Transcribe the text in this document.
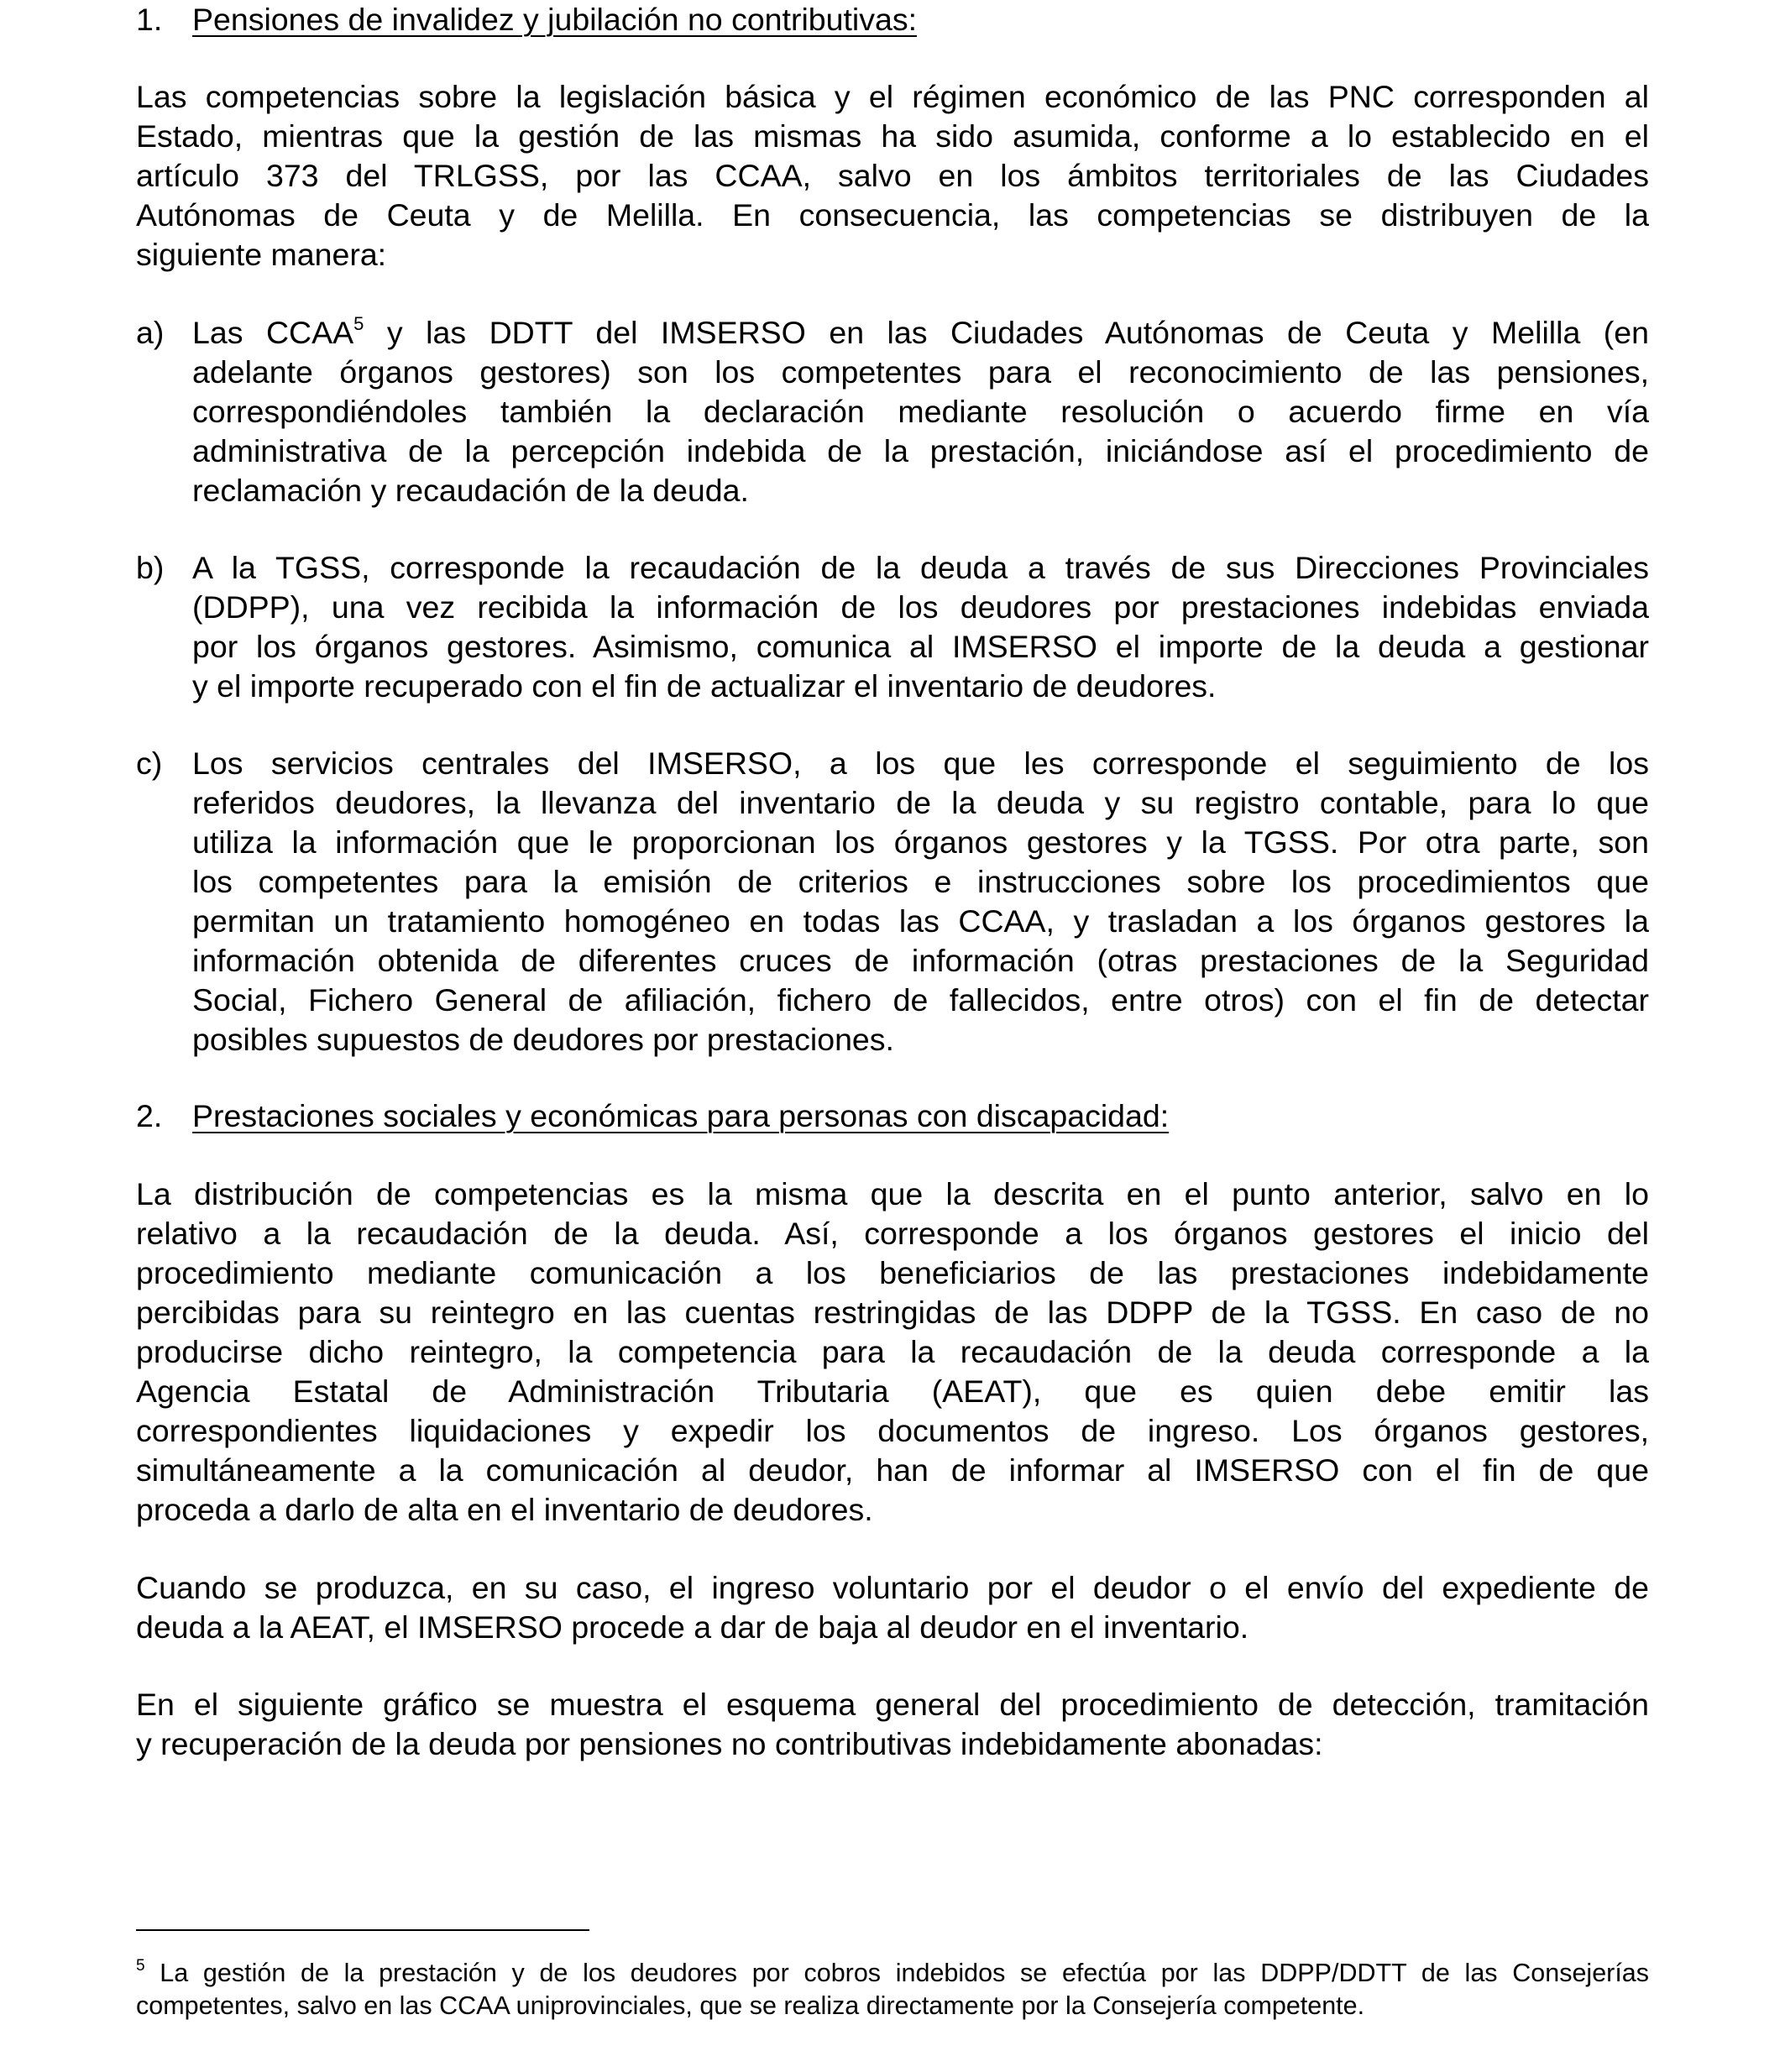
1. Pensiones de invalidez y jubilación no contributivas:
Las competencias sobre la legislación básica y el régimen económico de las PNC corresponden al
Estado, mientras que la gestión de las mismas ha sido asumida, conforme a lo establecido en el
artículo 373 del TRLGSS, por las CCAA, salvo en los ámbitos territoriales de las Ciudades
Autónomas de Ceuta y de Melilla. En consecuencia, las competencias se distribuyen de la
siguiente manera:
a) Las CCAA$^5$ y las DDTT del IMSERSO en las Ciudades Autónomas de Ceuta y Melilla (en
adelante órganos gestores) son los competentes para el reconocimiento de las pensiones,
correspondiéndoles también la declaración mediante resolución o acuerdo firme en vía
administrativa de la percepción indebida de la prestación, iniciándose así el procedimiento de
reclamación y recaudación de la deuda.
b) A la TGSS, corresponde la recaudación de la deuda a través de sus Direcciones Provinciales
(DDPP), una vez recibida la información de los deudores por prestaciones indebidas enviada
por los órganos gestores. Asimismo, comunica al IMSERSO el importe de la deuda a gestionar
y el importe recuperado con el fin de actualizar el inventario de deudores.
c) Los servicios centrales del IMSERSO, a los que les corresponde el seguimiento de los
referidos deudores, la llevanza del inventario de la deuda y su registro contable, para lo que
utiliza la información que le proporcionan los órganos gestores y la TGSS. Por otra parte, son
los competentes para la emisión de criterios e instrucciones sobre los procedimientos que
permitan un tratamiento homogéneo en todas las CCAA, y trasladan a los órganos gestores la
información obtenida de diferentes cruces de información (otras prestaciones de la Seguridad
Social, Fichero General de afiliación, fichero de fallecidos, entre otros) con el fin de detectar
posibles supuestos de deudores por prestaciones.
2. Prestaciones sociales y económicas para personas con discapacidad:
La distribución de competencias es la misma que la descrita en el punto anterior, salvo en lo
relativo a la recaudación de la deuda. Así, corresponde a los órganos gestores el inicio del
procedimiento mediante comunicación a los beneficiarios de las prestaciones indebidamente
percibidas para su reintegro en las cuentas restringidas de las DDPP de la TGSS. En caso de no
producirse dicho reintegro, la competencia para la recaudación de la deuda corresponde a la
Agencia Estatal de Administración Tributaria (AEAT), que es quien debe emitir las
correspondientes liquidaciones y expedir los documentos de ingreso. Los órganos gestores,
simultáneamente a la comunicación al deudor, han de informar al IMSERSO con el fin de que
proceda a darlo de alta en el inventario de deudores.
Cuando se produzca, en su caso, el ingreso voluntario por el deudor o el envío del expediente de
deuda a la AEAT, el IMSERSO procede a dar de baja al deudor en el inventario.
En el siguiente gráfico se muestra el esquema general del procedimiento de detección, tramitación
y recuperación de la deuda por pensiones no contributivas indebidamente abonadas:
$^5$ La gestión de la prestación y de los deudores por cobros indebidos se efectúa por las DDPP/DDTT de las Consejerías
competentes, salvo en las CCAA uniprovinciales, que se realiza directamente por la Consejería competente.
